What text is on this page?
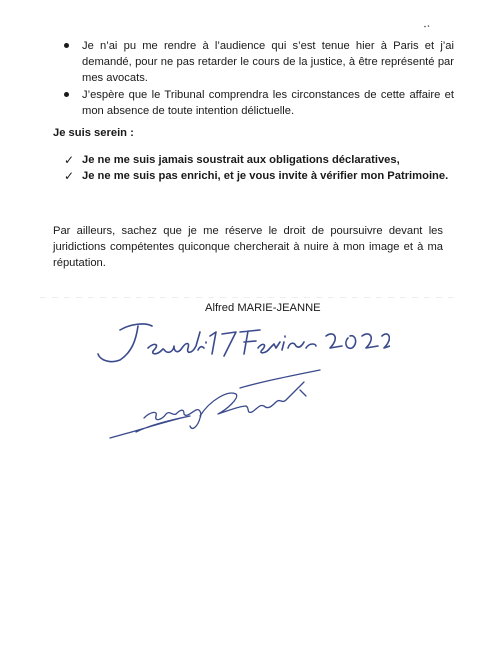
Je n’ai pu me rendre à l’audience qui s’est tenue hier à Paris et j’ai demandé, pour ne pas retarder le cours de la justice, à être représenté par mes avocats.
J’espère que le Tribunal comprendra les circonstances de cette affaire et mon absence de toute intention délictuelle.
Je suis serein :
✓ Je ne me suis jamais soustrait aux obligations déclaratives,
✓ Je ne me suis pas enrichi, et je vous invite à vérifier mon Patrimoine.
Par ailleurs, sachez que je me réserve le droit de poursuivre devant les juridictions compétentes quiconque chercherait à nuire à mon image et à ma réputation.
Alfred MARIE-JEANNE
